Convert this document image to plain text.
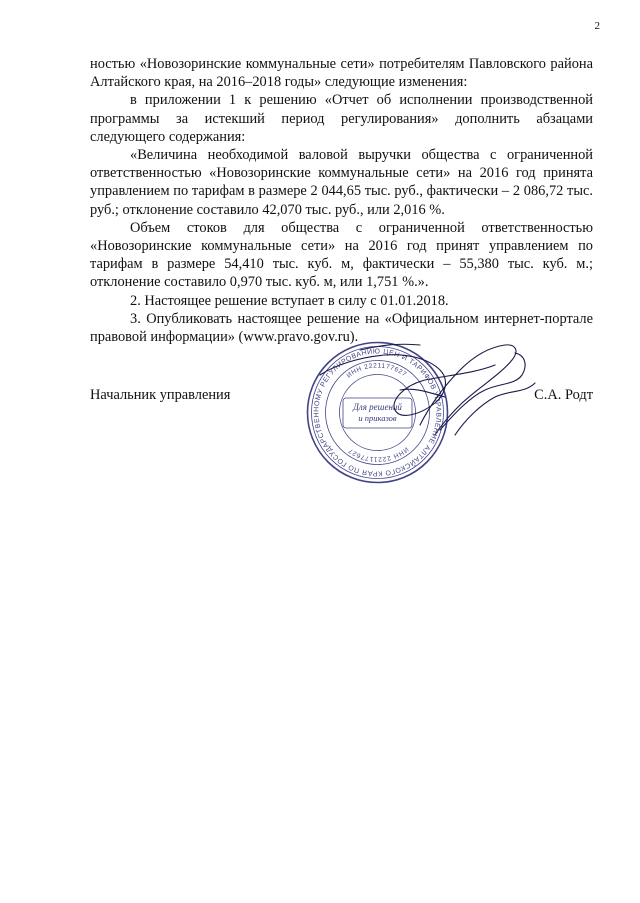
2

ностью «Новозоринские коммунальные сети» потребителям Павловского района Алтайского края, на 2016–2018 годы» следующие изменения:

в приложении 1 к решению «Отчет об исполнении производственной программы за истекший период регулирования» дополнить абзацами следующего содержания:

«Величина необходимой валовой выручки общества с ограниченной ответственностью «Новозоринские коммунальные сети» на 2016 год принята управлением по тарифам в размере 2 044,65 тыс. руб., фактически – 2 086,72 тыс. руб.; отклонение составило 42,070 тыс. руб., или 2,016 %.

Объем стоков для общества с ограниченной ответственностью «Новозоринские коммунальные сети» на 2016 год принят управлением по тарифам в размере 54,410 тыс. куб. м, фактически – 55,380 тыс. куб. м.; отклонение составило 0,970 тыс. куб. м, или 1,751 %.».

2. Настоящее решение вступает в силу с 01.01.2018.

3. Опубликовать настоящее решение на «Официальном интернет-портале правовой информации» (www.pravo.gov.ru).

Начальник управления	С.А. Родт
УПРАВЛЕНИЕ АЛТАЙСКОГО КРАЯ ПО ГОСУДАРСТВЕННОМУ РЕГУЛИРОВАНИЮ ЦЕН И ТАРИФОВ
ИНН 2221177627
ИНН 2221177627
Для решений
и приказов
